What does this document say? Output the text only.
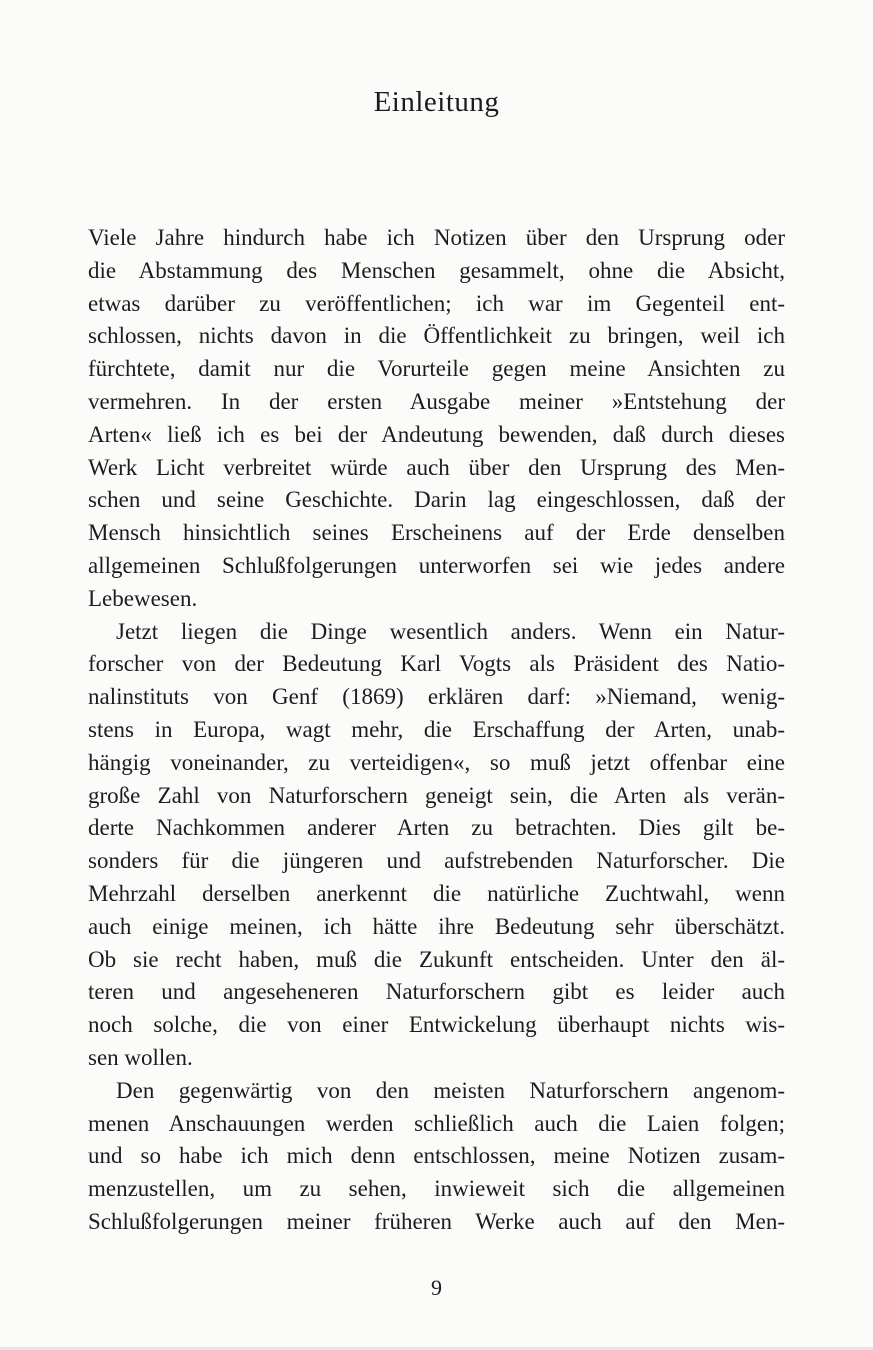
Einleitung
Viele Jahre hindurch habe ich Notizen über den Ursprung oder
die Abstammung des Menschen gesammelt, ohne die Absicht,
etwas darüber zu veröffentlichen; ich war im Gegenteil ent-
schlossen, nichts davon in die Öffentlichkeit zu bringen, weil ich
fürchtete, damit nur die Vorurteile gegen meine Ansichten zu
vermehren. In der ersten Ausgabe meiner »Entstehung der
Arten« ließ ich es bei der Andeutung bewenden, daß durch dieses
Werk Licht verbreitet würde auch über den Ursprung des Men-
schen und seine Geschichte. Darin lag eingeschlossen, daß der
Mensch hinsichtlich seines Erscheinens auf der Erde denselben
allgemeinen Schlußfolgerungen unterworfen sei wie jedes andere
Lebewesen.
Jetzt liegen die Dinge wesentlich anders. Wenn ein Natur-
forscher von der Bedeutung Karl Vogts als Präsident des Natio-
nalinstituts von Genf (1869) erklären darf: »Niemand, wenig-
stens in Europa, wagt mehr, die Erschaffung der Arten, unab-
hängig voneinander, zu verteidigen«, so muß jetzt offenbar eine
große Zahl von Naturforschern geneigt sein, die Arten als verän-
derte Nachkommen anderer Arten zu betrachten. Dies gilt be-
sonders für die jüngeren und aufstrebenden Naturforscher. Die
Mehrzahl derselben anerkennt die natürliche Zuchtwahl, wenn
auch einige meinen, ich hätte ihre Bedeutung sehr überschätzt.
Ob sie recht haben, muß die Zukunft entscheiden. Unter den äl-
teren und angeseheneren Naturforschern gibt es leider auch
noch solche, die von einer Entwickelung überhaupt nichts wis-
sen wollen.
Den gegenwärtig von den meisten Naturforschern angenom-
menen Anschauungen werden schließlich auch die Laien folgen;
und so habe ich mich denn entschlossen, meine Notizen zusam-
menzustellen, um zu sehen, inwieweit sich die allgemeinen
Schlußfolgerungen meiner früheren Werke auch auf den Men-
9
